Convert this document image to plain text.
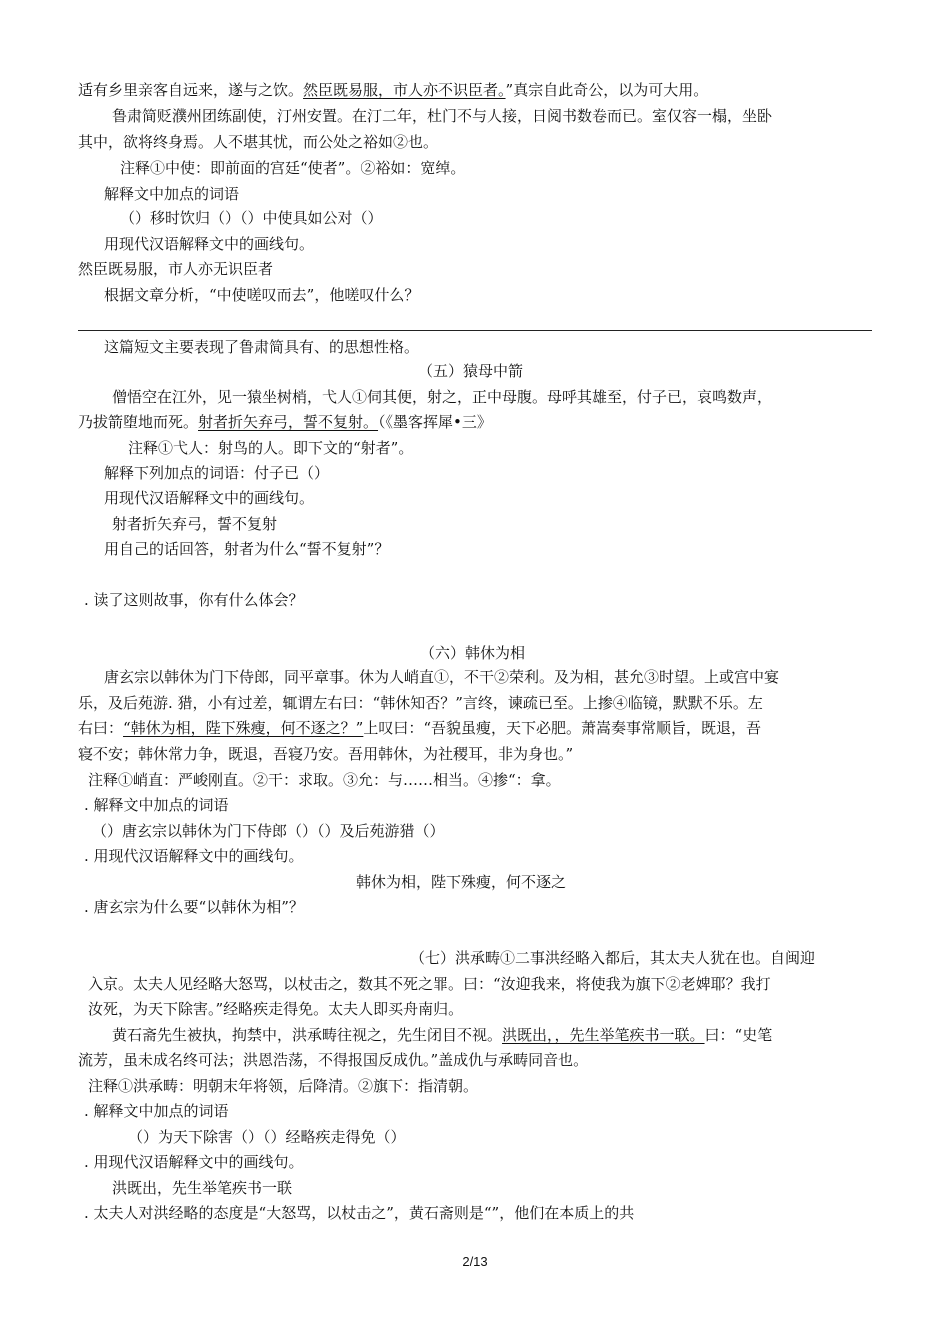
适有乡里亲客自远来，遂与之饮。然臣既易服，市人亦不识臣者。”真宗自此奇公，以为可大用。
鲁肃简贬濮州团练副使，汀州安置。在汀二年，杜门不与人接，日阅书数卷而已。室仅容一榻，坐卧
其中，欲将终身焉。人不堪其忧，而公处之裕如②也。
注释①中使：即前面的宫廷“使者”。②裕如：宽绰。
解释文中加点的词语
（）移时饮归（）（）中使具如公对（）
用现代汉语解释文中的画线句。
然臣既易服，市人亦无识臣者
根据文章分析，“中使嗟叹而去”，他嗟叹什么？
这篇短文主要表现了鲁肃简具有、的思想性格。
（五）猿母中箭
僧悟空在江外，见一猿坐树梢，弋人①伺其便，射之，正中母腹。母呼其雄至，付子已，哀鸣数声，
乃拔箭堕地而死。射者折矢弃弓，誓不复射。（《墨客挥犀•三》
注释①弋人：射鸟的人。即下文的“射者”。
解释下列加点的词语：付子已（）
用现代汉语解释文中的画线句。
射者折矢弃弓，誓不复射
用自己的话回答，射者为什么“誓不复射”？
. 读了这则故事，你有什么体会？
（六）韩休为相
唐玄宗以韩休为门下侍郎，同平章事。休为人峭直①，不干②荣利。及为相，甚允③时望。上或宫中宴
乐，及后苑游. 猎，小有过差，辄谓左右曰：“韩休知否？”言终，谏疏已至。上掺④临镜，默默不乐。左
右曰：“韩休为相，陛下殊瘦，何不逐之？”上叹曰：“吾貌虽瘦，天下必肥。萧嵩奏事常顺旨，既退，吾
寝不安；韩休常力争，既退，吾寝乃安。吾用韩休，为社稷耳，非为身也。”
注释①峭直：严峻刚直。②干：求取。③允：与……相当。④掺“：拿。
. 解释文中加点的词语
（）唐玄宗以韩休为门下侍郎（）（）及后苑游猎（）
. 用现代汉语解释文中的画线句。
韩休为相，陛下殊瘦，何不逐之
. 唐玄宗为什么要“以韩休为相”？
（七）洪承畴①二事洪经略入都后，其太夫人犹在也。自闽迎
入京。太夫人见经略大怒骂，以杖击之，数其不死之罪。曰：“汝迎我来，将使我为旗下②老婢耶？我打
汝死，为天下除害。”经略疾走得免。太夫人即买舟南归。
黄石斋先生被执，拘禁中，洪承畴往视之，先生闭目不视。洪既出，，先生举笔疾书一联。曰：“史笔
流芳，虽未成名终可法；洪恩浩荡，不得报国反成仇。”盖成仇与承畴同音也。
注释①洪承畴：明朝末年将领，后降清。②旗下：指清朝。
. 解释文中加点的词语
（）为天下除害（）（）经略疾走得免（）
. 用现代汉语解释文中的画线句。
洪既出，先生举笔疾书一联
. 太夫人对洪经略的态度是“大怒骂，以杖击之”，黄石斋则是“”，他们在本质上的共
2/13
